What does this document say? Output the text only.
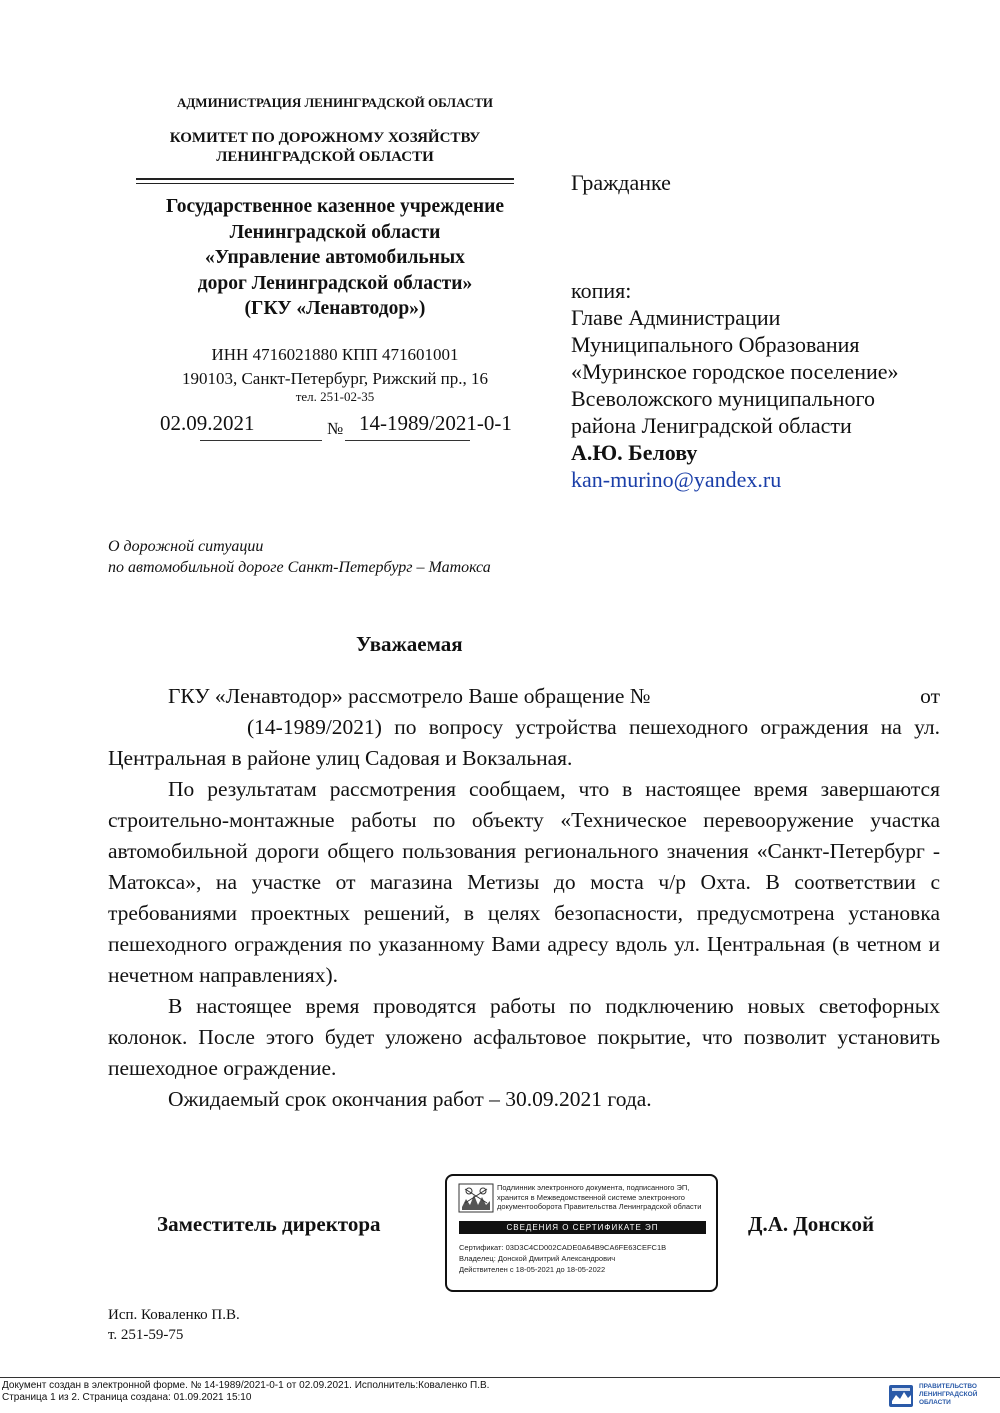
АДМИНИСТРАЦИЯ ЛЕНИНГРАДСКОЙ ОБЛАСТИ
КОМИТЕТ ПО ДОРОЖНОМУ ХОЗЯЙСТВУ
ЛЕНИНГРАДСКОЙ ОБЛАСТИ
Государственное казенное учреждение
Ленинградской области
«Управление автомобильных
дорог Ленинградской области»
(ГКУ «Ленавтодор»)
ИНН 4716021880 КПП 471601001
190103, Санкт-Петербург, Рижский пр., 16
тел. 251-02-35
02.09.2021	№ 14-1989/2021-0-1
Гражданке
копия:
Главе Администрации
Муниципального Образования
«Муринское городское поселение»
Всеволожского муниципального
района Ленигpадской области
А.Ю. Белову
kan-murino@yandex.ru
О дорожной ситуации
по автомобильной дороге Санкт-Петербург – Матокса
Уважаемая
ГКУ «Ленавтодор» рассмотрело Ваше обращение №	от
(14-1989/2021) по вопросу устройства пешеходного ограждения на ул. Центральная в районе улиц Садовая и Вокзальная.
По результатам рассмотрения сообщаем, что в настоящее время завершаются строительно-монтажные работы по объекту «Техническое перевооружение участка автомобильной дороги общего пользования регионального значения «Санкт-Петербург - Матокса», на участке от магазина Метизы до моста ч/р Охта. В соответствии с требованиями проектных решений, в целях безопасности, предусмотрена установка пешеходного ограждения по указанному Вами адресу вдоль ул. Центральная (в четном и нечетном направлениях).
В настоящее время проводятся работы по подключению новых светофорных колонок. После этого будет уложено асфальтовое покрытие, что позволит установить пешеходное ограждение.
Ожидаемый срок окончания работ – 30.09.2021 года.
Заместитель директора	Д.А. Донской
Подлинник электронного документа, подписанного ЭП,
хранится в Межведомственной системе электронного
документооборота Правительства Ленинградской области
СВЕДЕНИЯ О СЕРТИФИКАТЕ ЭП
Сертификат: 03D3C4CD002CADE0A64B9CA6FE63CEFC1B
Владелец: Донской Дмитрий Александрович
Действителен с 18-05-2021 до 18-05-2022
Исп. Коваленко П.В.
т. 251-59-75
Документ создан в электронной форме. № 14-1989/2021-0-1 от 02.09.2021. Исполнитель:Коваленко П.В.
Страница 1 из 2. Страница создана: 01.09.2021 15:10
ПРАВИТЕЛЬСТВО
ЛЕНИНГРАДСКОЙ
ОБЛАСТИ
